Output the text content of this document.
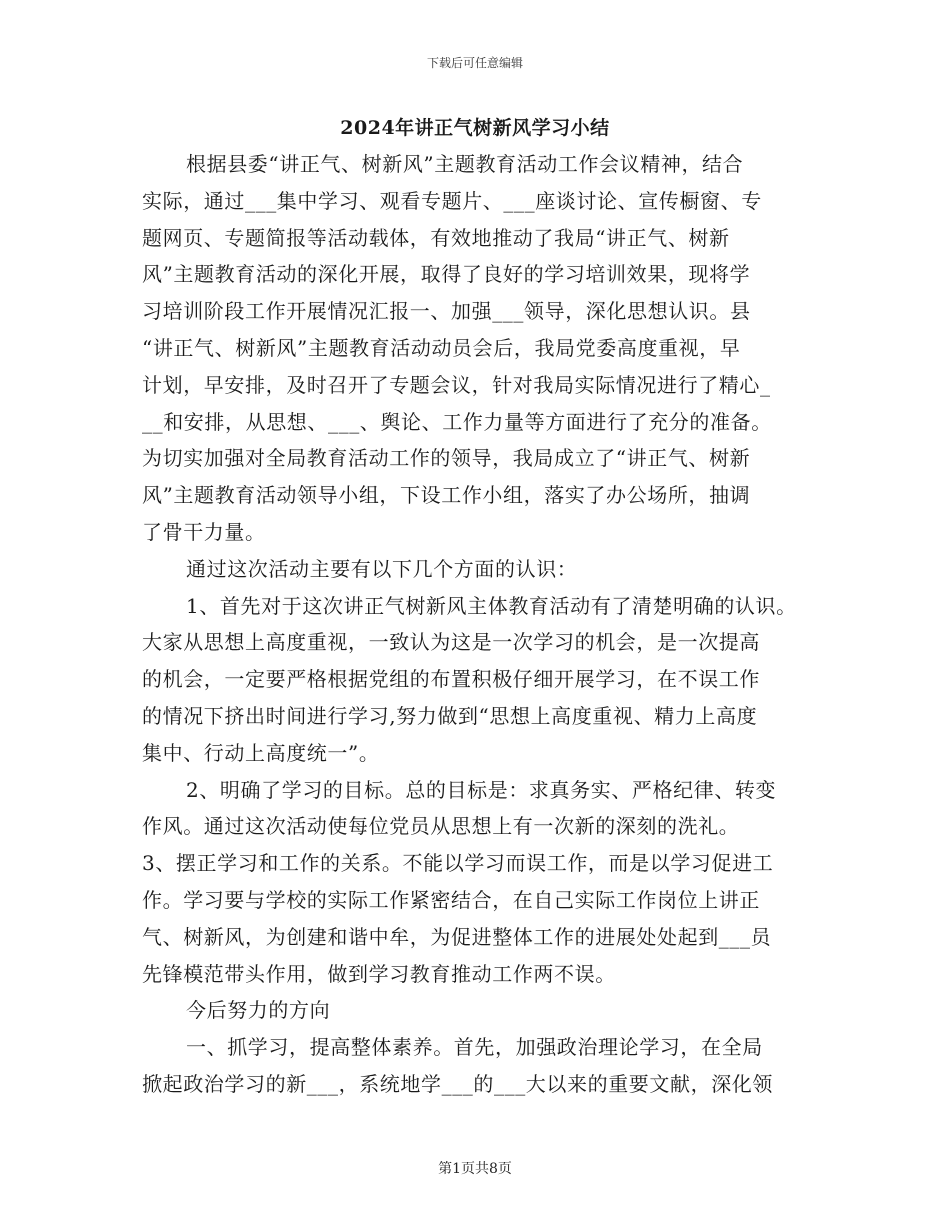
下载后可任意编辑
2024年讲正气树新风学习小结
根据县委“讲正气、树新风”主题教育活动工作会议精神，结合
实际，通过___集中学习、观看专题片、___座谈讨论、宣传橱窗、专
题网页、专题简报等活动载体，有效地推动了我局“讲正气、树新
风”主题教育活动的深化开展，取得了良好的学习培训效果，现将学
习培训阶段工作开展情况汇报一、加强___领导，深化思想认识。县
“讲正气、树新风”主题教育活动动员会后，我局党委高度重视，早
计划，早安排，及时召开了专题会议，针对我局实际情况进行了精心_
__和安排，从思想、___、舆论、工作力量等方面进行了充分的准备。
为切实加强对全局教育活动工作的领导，我局成立了“讲正气、树新
风”主题教育活动领导小组，下设工作小组，落实了办公场所，抽调
了骨干力量。
通过这次活动主要有以下几个方面的认识：
1、首先对于这次讲正气树新风主体教育活动有了清楚明确的认识。
大家从思想上高度重视，一致认为这是一次学习的机会，是一次提高
的机会，一定要严格根据党组的布置积极仔细开展学习，在不误工作
的情况下挤出时间进行学习,努力做到“思想上高度重视、精力上高度
集中、行动上高度统一”。
2、明确了学习的目标。总的目标是：求真务实、严格纪律、转变
作风。通过这次活动使每位党员从思想上有一次新的深刻的洗礼。
3、摆正学习和工作的关系。不能以学习而误工作，而是以学习促进工
作。学习要与学校的实际工作紧密结合，在自己实际工作岗位上讲正
气、树新风，为创建和谐中牟，为促进整体工作的进展处处起到___员
先锋模范带头作用，做到学习教育推动工作两不误。
今后努力的方向
一、抓学习，提高整体素养。首先，加强政治理论学习，在全局
掀起政治学习的新___，系统地学___的___大以来的重要文献，深化领
第1页共8页
